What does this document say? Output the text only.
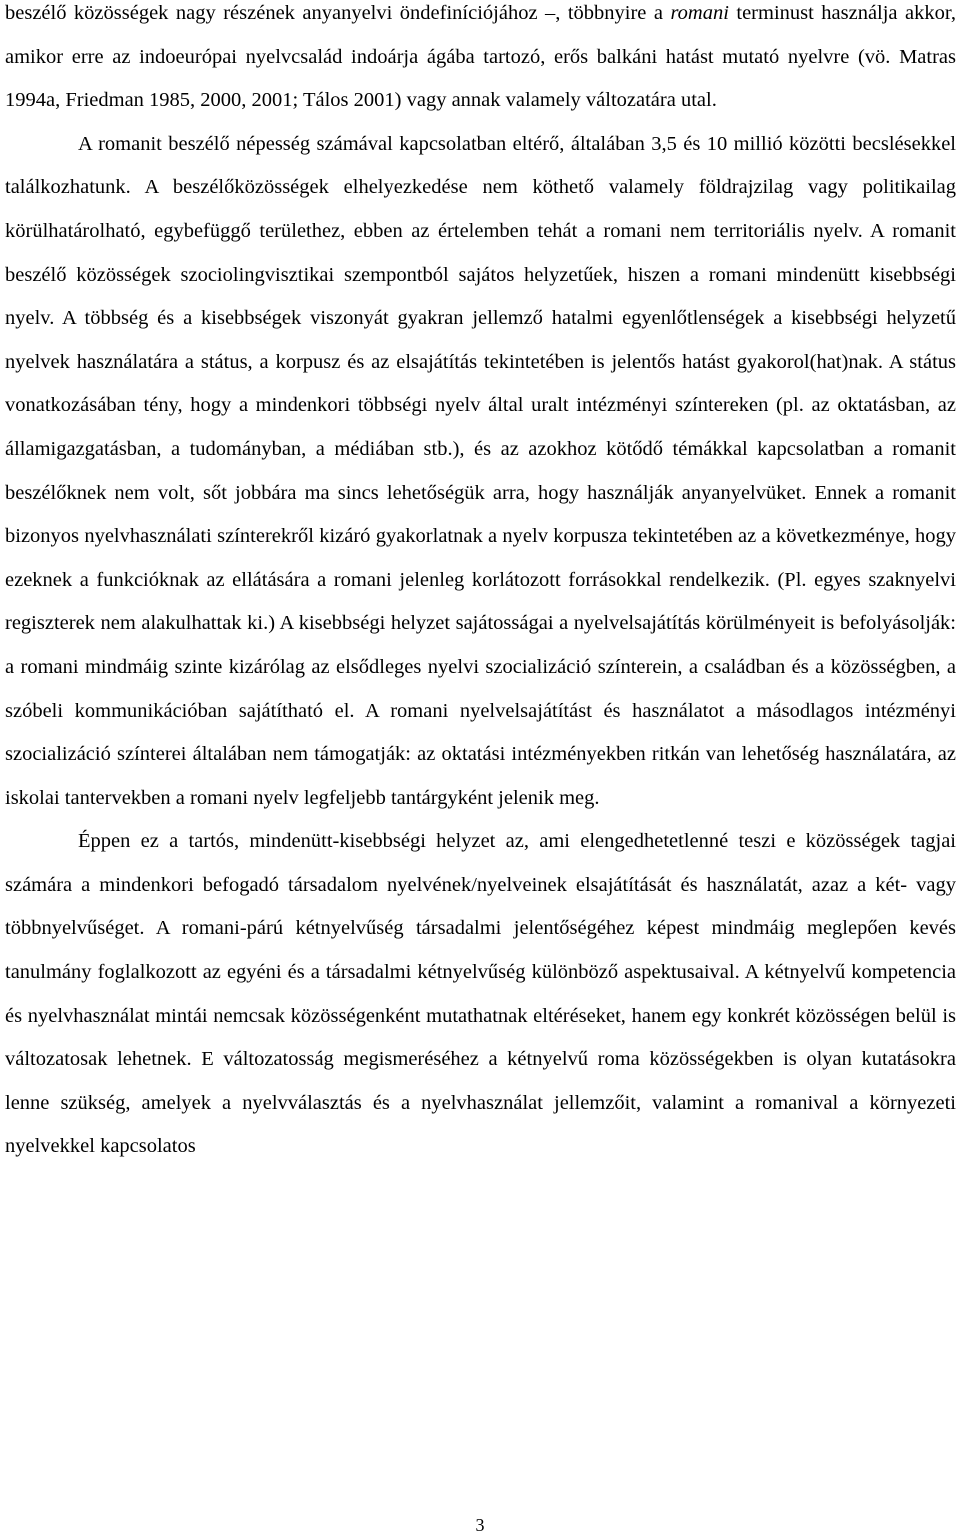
beszélő közösségek nagy részének anyanyelvi öndefiníciójához –, többnyire a romani terminust használja akkor, amikor erre az indoeurópai nyelvcsalád indoárja ágába tartozó, erős balkáni hatást mutató nyelvre (vö. Matras 1994a, Friedman 1985, 2000, 2001; Tálos 2001) vagy annak valamely változatára utal.

A romanit beszélő népesség számával kapcsolatban eltérő, általában 3,5 és 10 millió közötti becslésekkel találkozhatunk. A beszélőközösségek elhelyezkedése nem köthető valamely földrajzilag vagy politikailag körülhatárolható, egybefüggő területhez, ebben az értelemben tehát a romani nem territoriális nyelv. A romanit beszélő közösségek szociolingvisztikai szempontból sajátos helyzetűek, hiszen a romani mindenütt kisebbségi nyelv. A többség és a kisebbségek viszonyát gyakran jellemző hatalmi egyenlőtlenségek a kisebbségi helyzetű nyelvek használatára a státus, a korpusz és az elsajátítás tekintetében is jelentős hatást gyakorol(hat)nak. A státus vonatkozásában tény, hogy a mindenkori többségi nyelv által uralt intézményi színtereken (pl. az oktatásban, az államigazgatásban, a tudományban, a médiában stb.), és az azokhoz kötődő témákkal kapcsolatban a romanit beszélőknek nem volt, sőt jobbára ma sincs lehetőségük arra, hogy használják anyanyelvüket. Ennek a romanit bizonyos nyelvhasználati színterekről kizáró gyakorlatnak a nyelv korpusza tekintetében az a következménye, hogy ezeknek a funkcióknak az ellátására a romani jelenleg korlátozott forrásokkal rendelkezik. (Pl. egyes szaknyelvi regiszterek nem alakulhattak ki.) A kisebbségi helyzet sajátosságai a nyelvelsajátítás körülményeit is befolyásolják: a romani mindmáig szinte kizárólag az elsődleges nyelvi szocializáció színterein, a családban és a közösségben, a szóbeli kommunikációban sajátítható el. A romani nyelvelsajátítást és használatot a másodlagos intézményi szocializáció színterei általában nem támogatják: az oktatási intézményekben ritkán van lehetőség használatára, az iskolai tantervekben a romani nyelv legfeljebb tantárgyként jelenik meg.

Éppen ez a tartós, mindenütt-kisebbségi helyzet az, ami elengedhetetlenné teszi e közösségek tagjai számára a mindenkori befogadó társadalom nyelvének/nyelveinek elsajátítását és használatát, azaz a két- vagy többnyelvűséget. A romani-párú kétnyelvűség társadalmi jelentőségéhez képest mindmáig meglepően kevés tanulmány foglalkozott az egyéni és a társadalmi kétnyelvűség különböző aspektusaival. A kétnyelvű kompetencia és nyelvhasználat mintái nemcsak közösségenként mutathatnak eltéréseket, hanem egy konkrét közösségen belül is változatosak lehetnek. E változatosság megismeréséhez a kétnyelvű roma közösségekben is olyan kutatásokra lenne szükség, amelyek a nyelvválasztás és a nyelvhasználat jellemzőit, valamint a romanival a környezeti nyelvekkel kapcsolatos

3
